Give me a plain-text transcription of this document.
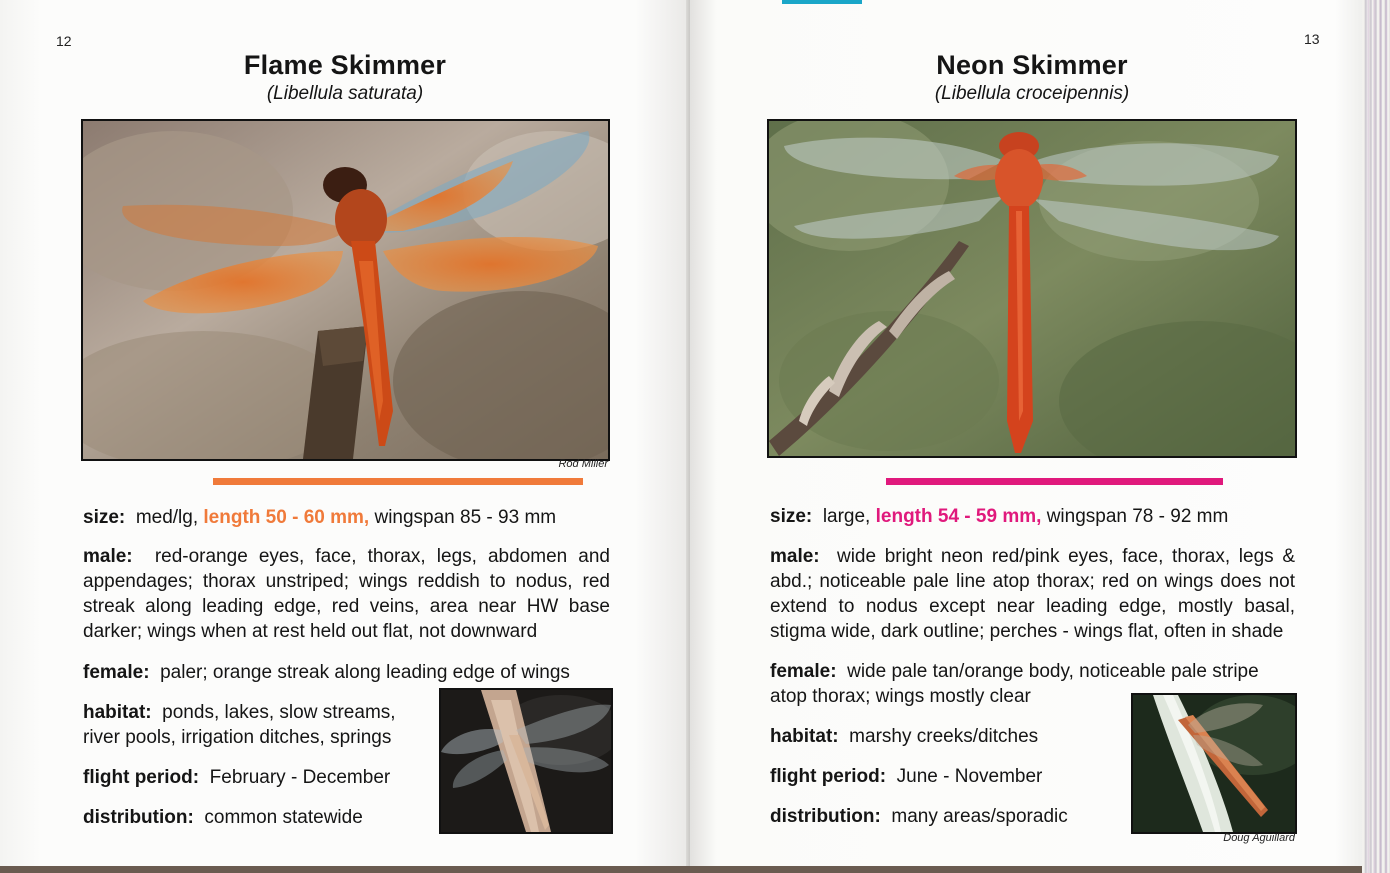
12
Flame Skimmer
(Libellula saturata)
Rod Miller
size: med/lg, length 50 - 60 mm, wingspan 85 - 93 mm
male: red-orange eyes, face, thorax, legs, abdomen and appendages; thorax unstriped; wings reddish to nodus, red streak along leading edge, red veins, area near HW base darker; wings when at rest held out flat, not downward
female: paler; orange streak along leading edge of wings
habitat: ponds, lakes, slow streams, river pools, irrigation ditches, springs
flight period: February - December
distribution: common statewide
13
Neon Skimmer
(Libellula croceipennis)
size: large, length 54 - 59 mm, wingspan 78 - 92 mm
male: wide bright neon red/pink eyes, face, thorax, legs & abd.; noticeable pale line atop thorax; red on wings does not extend to nodus except near leading edge, mostly basal, stigma wide, dark outline; perches - wings flat, often in shade
female: wide pale tan/orange body, noticeable pale stripe atop thorax; wings mostly clear
habitat: marshy creeks/ditches
flight period: June - November
distribution: many areas/sporadic
Doug Aguillard
